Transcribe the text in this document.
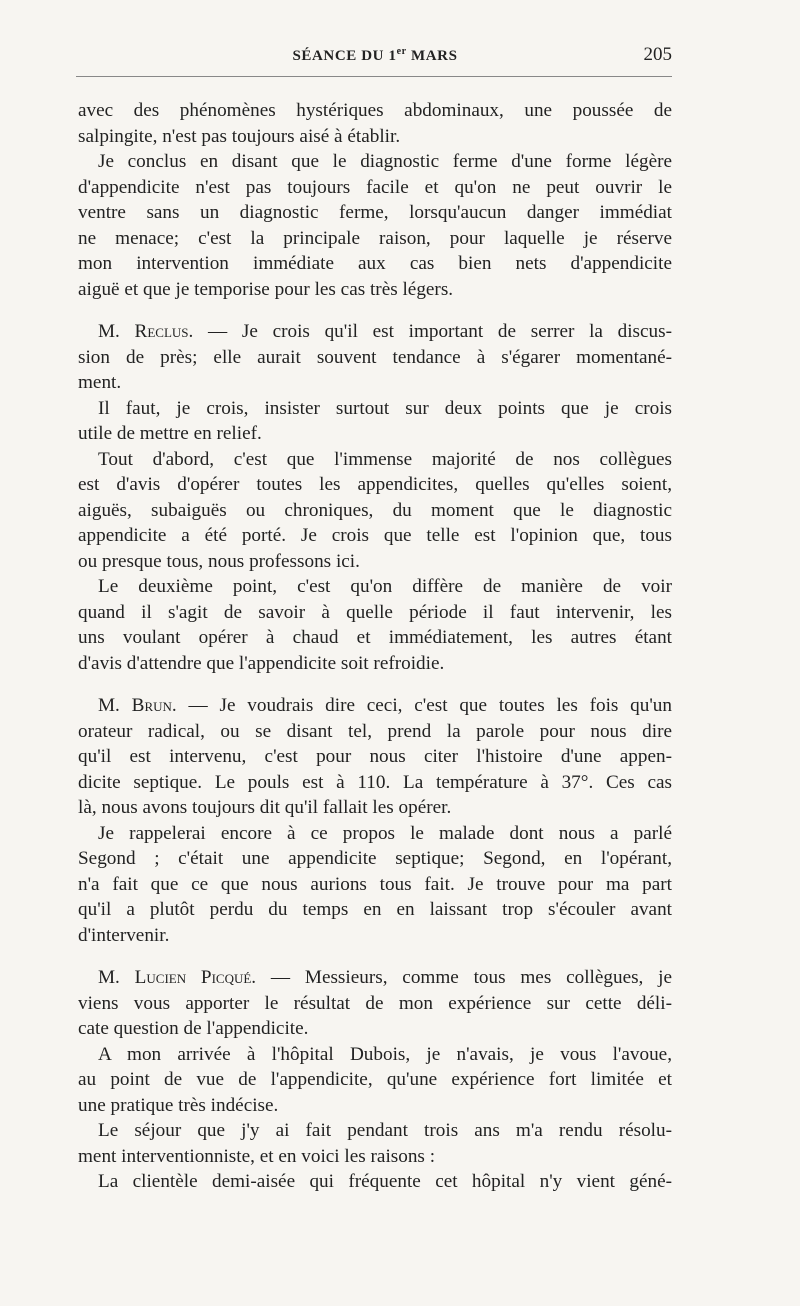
SÉANCE DU 1er MARS	205
avec des phénomènes hystériques abdominaux, une poussée de
salpingite, n'est pas toujours aisé à établir.
Je conclus en disant que le diagnostic ferme d'une forme légère
d'appendicite n'est pas toujours facile et qu'on ne peut ouvrir le
ventre sans un diagnostic ferme, lorsqu'aucun danger immédiat
ne menace; c'est la principale raison, pour laquelle je réserve
mon intervention immédiate aux cas bien nets d'appendicite
aiguë et que je temporise pour les cas très légers.
M. Reclus. — Je crois qu'il est important de serrer la discus-
sion de près; elle aurait souvent tendance à s'égarer momentané-
ment.
Il faut, je crois, insister surtout sur deux points que je crois
utile de mettre en relief.
Tout d'abord, c'est que l'immense majorité de nos collègues
est d'avis d'opérer toutes les appendicites, quelles qu'elles soient,
aiguës, subaiguës ou chroniques, du moment que le diagnostic
appendicite a été porté. Je crois que telle est l'opinion que, tous
ou presque tous, nous professons ici.
Le deuxième point, c'est qu'on diffère de manière de voir
quand il s'agit de savoir à quelle période il faut intervenir, les
uns voulant opérer à chaud et immédiatement, les autres étant
d'avis d'attendre que l'appendicite soit refroidie.
M. Brun. — Je voudrais dire ceci, c'est que toutes les fois qu'un
orateur radical, ou se disant tel, prend la parole pour nous dire
qu'il est intervenu, c'est pour nous citer l'histoire d'une appen-
dicite septique. Le pouls est à 110. La température à 37°. Ces cas
là, nous avons toujours dit qu'il fallait les opérer.
Je rappelerai encore à ce propos le malade dont nous a parlé
Segond ; c'était une appendicite septique; Segond, en l'opérant,
n'a fait que ce que nous aurions tous fait. Je trouve pour ma part
qu'il a plutôt perdu du temps en en laissant trop s'écouler avant
d'intervenir.
M. Lucien Picqué. — Messieurs, comme tous mes collègues, je
viens vous apporter le résultat de mon expérience sur cette déli-
cate question de l'appendicite.
A mon arrivée à l'hôpital Dubois, je n'avais, je vous l'avoue,
au point de vue de l'appendicite, qu'une expérience fort limitée et
une pratique très indécise.
Le séjour que j'y ai fait pendant trois ans m'a rendu résolu-
ment interventionniste, et en voici les raisons :
La clientèle demi-aisée qui fréquente cet hôpital n'y vient géné-
